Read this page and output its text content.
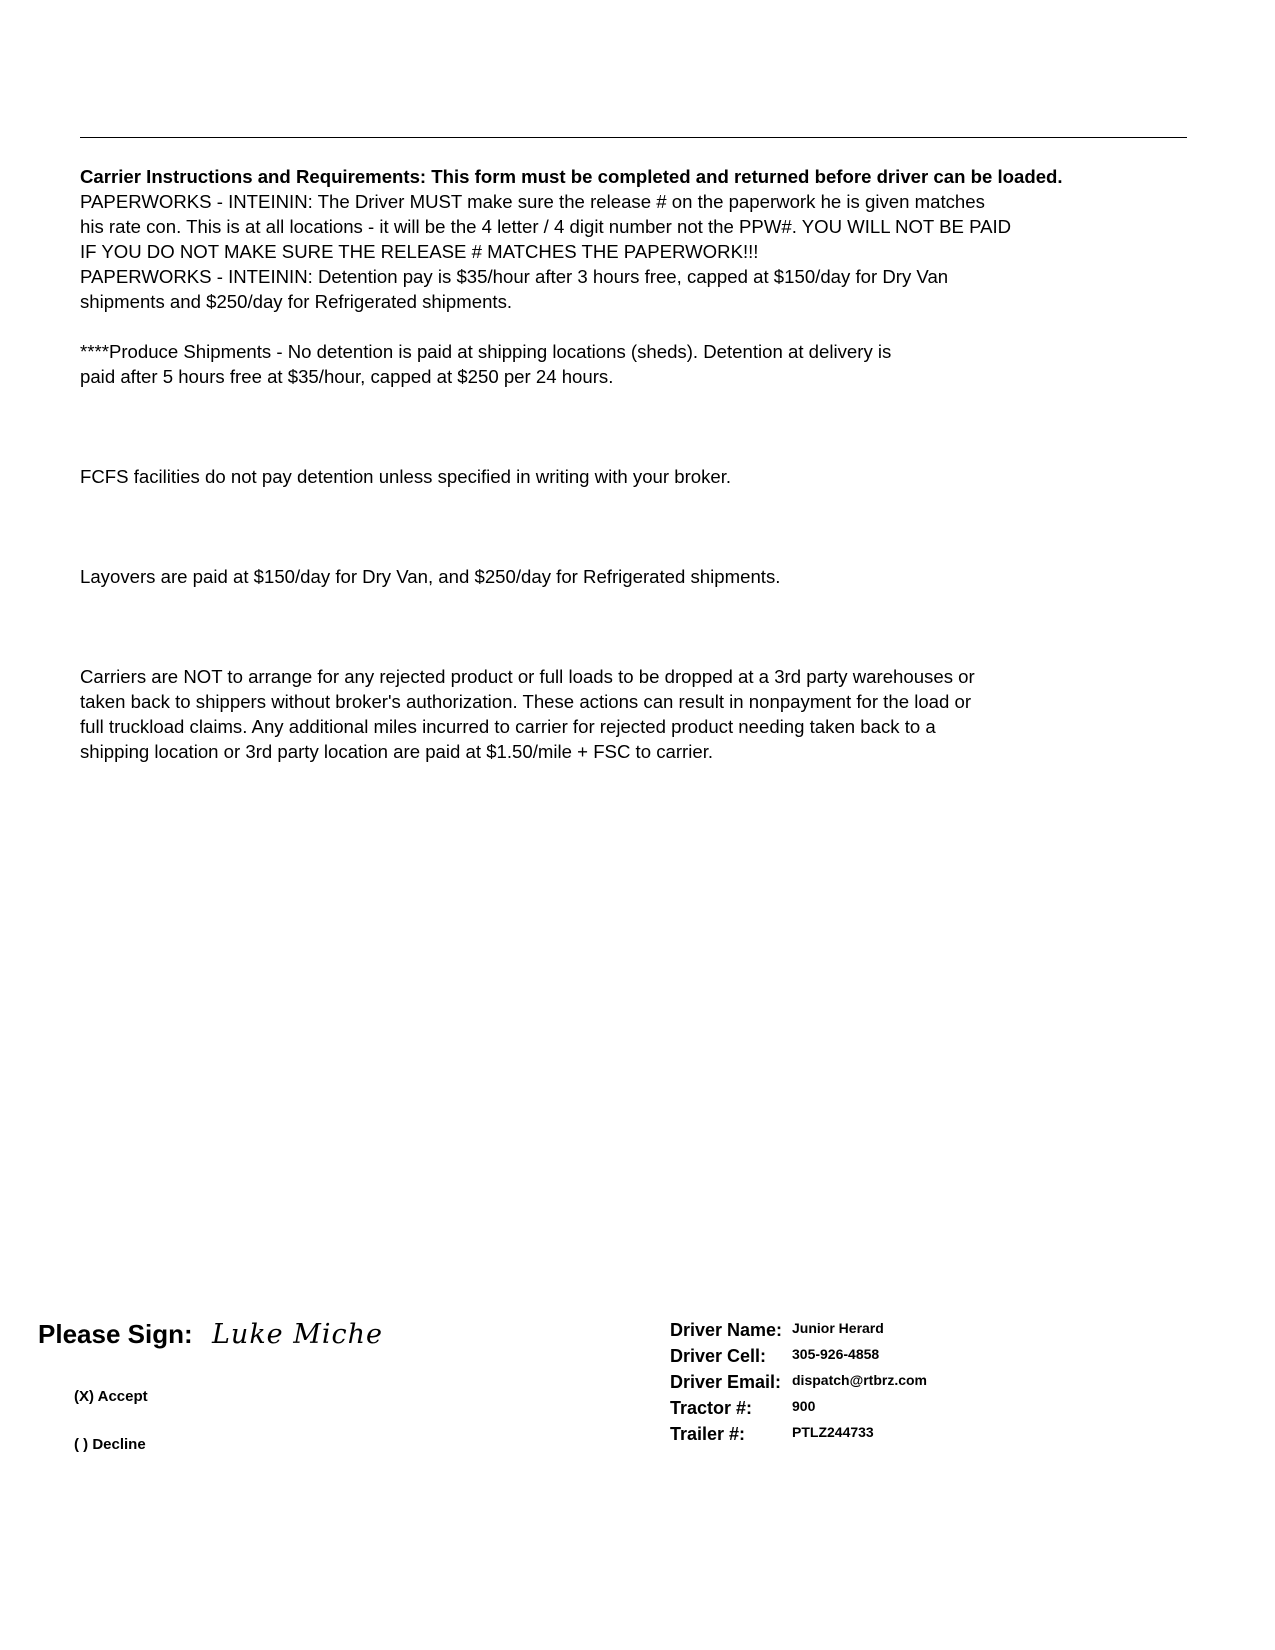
Carrier Instructions and Requirements: This form must be completed and returned before driver can be loaded.
PAPERWORKS - INTEININ: The Driver MUST make sure the release # on the paperwork he is given matches
his rate con. This is at all locations - it will be the 4 letter / 4 digit number not the PPW#. YOU WILL NOT BE PAID
IF YOU DO NOT MAKE SURE THE RELEASE # MATCHES THE PAPERWORK!!!
PAPERWORKS - INTEININ: Detention pay is $35/hour after 3 hours free, capped at $150/day for Dry Van
shipments and $250/day for Refrigerated shipments.
****Produce Shipments - No detention is paid at shipping locations (sheds). Detention at delivery is
paid after 5 hours free at $35/hour, capped at $250 per 24 hours.
FCFS facilities do not pay detention unless specified in writing with your broker.
Layovers are paid at $150/day for Dry Van, and $250/day for Refrigerated shipments.
Carriers are NOT to arrange for any rejected product or full loads to be dropped at a 3rd party warehouses or
taken back to shippers without broker's authorization. These actions can result in nonpayment for the load or
full truckload claims. Any additional miles incurred to carrier for rejected product needing taken back to a
shipping location or 3rd party location are paid at $1.50/mile + FSC to carrier.
Please Sign: Luke Miche
(X) Accept
( ) Decline
Driver Name: Junior Herard
Driver Cell: 305-926-4858
Driver Email: dispatch@rtbrz.com
Tractor #:	900
Trailer #:	PTLZ244733
